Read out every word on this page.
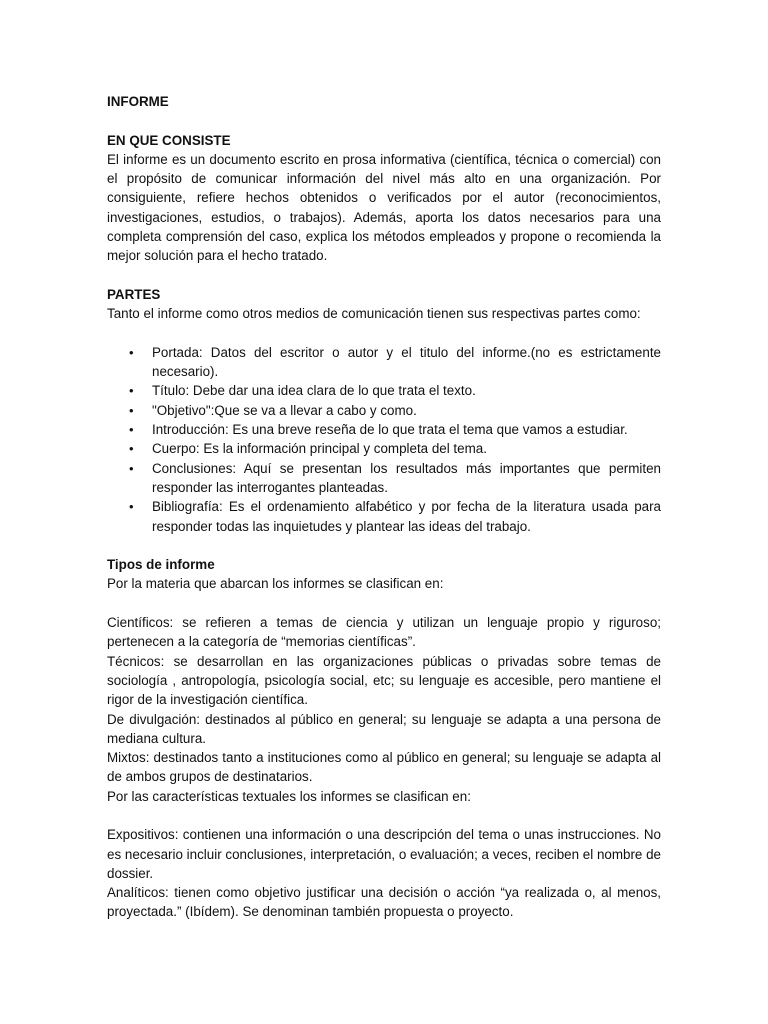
INFORME

EN QUE CONSISTE

El informe es un documento escrito en prosa informativa (científica, técnica o comercial) con el propósito de comunicar información del nivel más alto en una organización. Por consiguiente, refiere hechos obtenidos o verificados por el autor (reconocimientos, investigaciones, estudios, o trabajos). Además, aporta los datos necesarios para una completa comprensión del caso, explica los métodos empleados y propone o recomienda la mejor solución para el hecho tratado.

PARTES

Tanto el informe como otros medios de comunicación tienen sus respectivas partes como:

• Portada: Datos del escritor o autor y el titulo del informe.(no es estrictamente necesario).
• Título: Debe dar una idea clara de lo que trata el texto.
• "Objetivo":Que se va a llevar a cabo y como.
• Introducción: Es una breve reseña de lo que trata el tema que vamos a estudiar.
• Cuerpo: Es la información principal y completa del tema.
• Conclusiones: Aquí se presentan los resultados más importantes que permiten responder las interrogantes planteadas.
• Bibliografía: Es el ordenamiento alfabético y por fecha de la literatura usada para responder todas las inquietudes y plantear las ideas del trabajo.

Tipos de informe

Por la materia que abarcan los informes se clasifican en:

Científicos: se refieren a temas de ciencia y utilizan un lenguaje propio y riguroso; pertenecen a la categoría de “memorias científicas”.

Técnicos: se desarrollan en las organizaciones públicas o privadas sobre temas de sociología , antropología, psicología social, etc; su lenguaje es accesible, pero mantiene el rigor de la investigación científica.

De divulgación: destinados al público en general; su lenguaje se adapta a una persona de mediana cultura.

Mixtos: destinados tanto a instituciones como al público en general; su lenguaje se adapta al de ambos grupos de destinatarios.

Por las características textuales los informes se clasifican en:

Expositivos: contienen una información o una descripción del tema o unas instrucciones. No es necesario incluir conclusiones, interpretación, o evaluación; a veces, reciben el nombre de dossier.

Analíticos: tienen como objetivo justificar una decisión o acción “ya realizada o, al menos, proyectada.” (Ibídem). Se denominan también propuesta o proyecto.
